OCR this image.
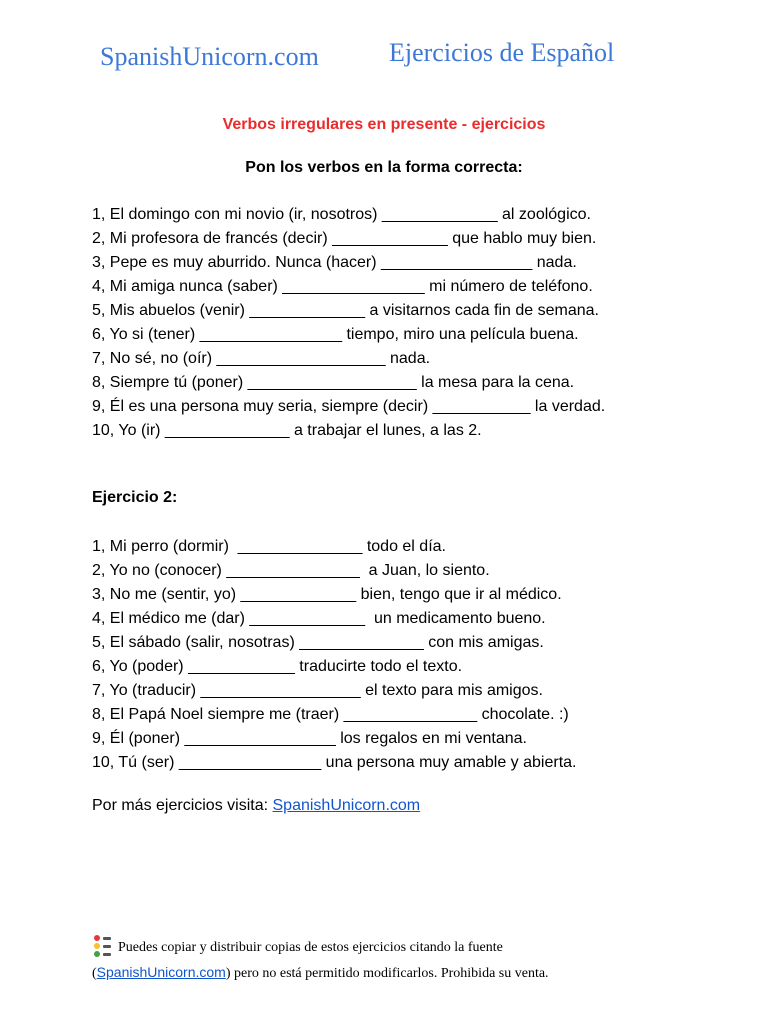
SpanishUnicorn.com	Ejercicios de Español
Verbos irregulares en presente - ejercicios
Pon los verbos en la forma correcta:
1, El domingo con mi novio (ir, nosotros) _____________ al zoológico.
2, Mi profesora de francés (decir) _____________ que hablo muy bien.
3, Pepe es muy aburrido. Nunca (hacer) _________________ nada.
4, Mi amiga nunca (saber) ________________ mi número de teléfono.
5, Mis abuelos (venir) _____________ a visitarnos cada fin de semana.
6, Yo si (tener) ________________ tiempo, miro una película buena.
7, No sé, no (oír) ___________________ nada.
8, Siempre tú (poner) ___________________ la mesa para la cena.
9, Él es una persona muy seria, siempre (decir) ___________ la verdad.
10, Yo (ir) ______________ a trabajar el lunes, a las 2.
Ejercicio 2:
1, Mi perro (dormir)  ______________ todo el día.
2, Yo no (conocer) _______________  a Juan, lo siento.
3, No me (sentir, yo) _____________ bien, tengo que ir al médico.
4, El médico me (dar) _____________  un medicamento bueno.
5, El sábado (salir, nosotras) ______________ con mis amigas.
6, Yo (poder) ____________ traducirte todo el texto.
7, Yo (traducir) __________________ el texto para mis amigos.
8, El Papá Noel siempre me (traer) _______________ chocolate. :)
9, Él (poner) _________________ los regalos en mi ventana.
10, Tú (ser) ________________ una persona muy amable y abierta.
Por más ejercicios visita: SpanishUnicorn.com
Puedes copiar y distribuir copias de estos ejercicios citando la fuente
(SpanishUnicorn.com) pero no está permitido modificarlos. Prohibida su venta.
